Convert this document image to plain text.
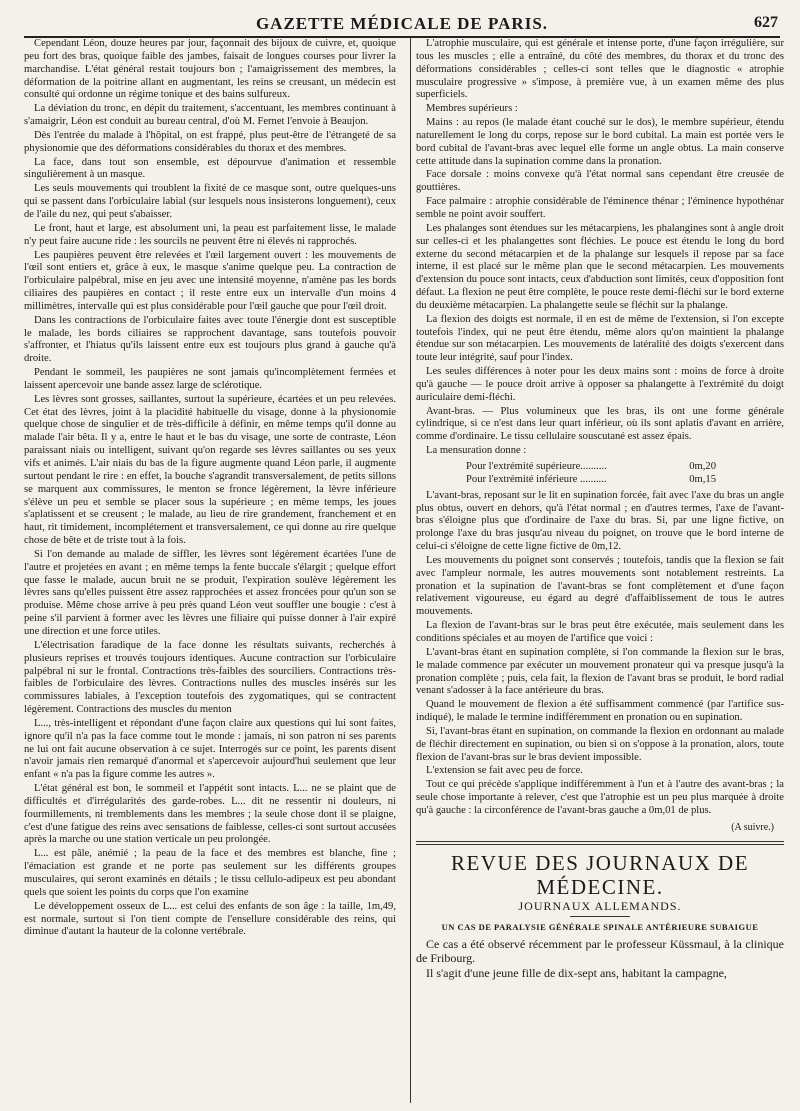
GAZETTE MÉDICALE DE PARIS.	627

Cependant Léon, douze heures par jour, façonnait des bijoux de cuivre, et, quoique peu fort des bras, quoique faible des jambes, faisait de longues courses pour livrer la marchandise. L'état général restait toujours bon ; l'amaigrissement des membres, la déformation de la poitrine allant en augmentant, les reins se creusant, un médecin est consulté qui ordonne un régime tonique et des bains sulfureux.

La déviation du tronc, en dépit du traitement, s'accentuant, les membres continuant à s'amaigrir, Léon est conduit au bureau central, d'où M. Fernet l'envoie à Beaujon.

Dès l'entrée du malade à l'hôpital, on est frappé, plus peut-être de l'étrangeté de sa physionomie que des déformations considérables du thorax et des membres.

La face, dans tout son ensemble, est dépourvue d'animation et ressemble singulièrement à un masque.

Les seuls mouvements qui troublent la fixité de ce masque sont, outre quelques-uns qui se passent dans l'orbiculaire labial (sur lesquels nous insisterons longuement), ceux de l'aile du nez, qui peut s'abaisser.

Le front, haut et large, est absolument uni, la peau est parfaitement lisse, le malade n'y peut faire aucune ride : les sourcils ne peuvent être ni élevés ni rapprochés.

Les paupières peuvent être relevées et l'œil largement ouvert : les mouvements de l'œil sont entiers et, grâce à eux, le masque s'anime quelque peu. La contraction de l'orbiculaire palpébral, mise en jeu avec une intensité moyenne, n'amène pas les bords ciliaires des paupières en contact ; il reste entre eux un intervalle d'un moins 4 millimètres, intervalle qui est plus considérable pour l'œil gauche que pour l'œil droit.

Dans les contractions de l'orbiculaire faites avec toute l'énergie dont est susceptible le malade, les bords ciliaires se rapprochent davantage, sans toutefois pouvoir s'affronter, et l'hiatus qu'ils laissent entre eux est toujours plus grand à gauche qu'à droite.

Pendant le sommeil, les paupières ne sont jamais qu'incomplètement fermées et laissent apercevoir une bande assez large de sclérotique.

Les lèvres sont grosses, saillantes, surtout la supérieure, écartées et un peu relevées. Cet état des lèvres, joint à la placidité habituelle du visage, donne à la physionomie quelque chose de singulier et de très-difficile à définir, en même temps qu'il donne au malade l'air bêta. Il y a, entre le haut et le bas du visage, une sorte de contraste, Léon paraissant niais ou intelligent, suivant qu'on regarde ses lèvres saillantes ou ses yeux vifs et animés. L'air niais du bas de la figure augmente quand Léon parle, il augmente surtout pendant le rire : en effet, la bouche s'agrandit transversalement, de petits sillons se marquent aux commissures, le menton se fronce légèrement, la lèvre inférieure s'élève un peu et semble se placer sous la supérieure ; en même temps, les joues s'aplatissent et se creusent ; le malade, au lieu de rire grandement, franchement et en haut, rit timidement, incomplétement et transversalement, ce qui donne au rire quelque chose de bête et de triste tout à la fois.

Si l'on demande au malade de siffler, les lèvres sont légèrement écartées l'une de l'autre et projetées en avant ; en même temps la fente buccale s'élargit ; quelque effort que fasse le malade, aucun bruit ne se produit, l'expiration soulève légèrement les lèvres sans qu'elles puissent être assez rapprochées et assez froncées pour qu'un son se produise. Même chose arrive à peu près quand Léon veut souffler une bougie : c'est à peine s'il parvient à former avec les lèvres une filiaire qui puisse donner à l'air expiré une direction et une force utiles.

L'électrisation faradique de la face donne les résultats suivants, recherchés à plusieurs reprises et trouvés toujours identiques. Aucune contraction sur l'orbiculaire palpébral ni sur le frontal. Contractions très-faibles des sourciliers. Contractions très-faibles de l'orbiculaire des lèvres. Contractions nulles des muscles insérés sur les commissures labiales, à l'exception toutefois des zygomatiques, qui se contractent légèrement. Contractions des muscles du menton

L..., très-intelligent et répondant d'une façon claire aux questions qui lui sont faites, ignore qu'il n'a pas la face comme tout le monde : jamais, ni son patron ni ses parents ne lui ont fait aucune observation à ce sujet. Interrogés sur ce point, les parents disent n'avoir jamais rien remarqué d'anormal et s'apercevoir aujourd'hui seulement que leur enfant « n'a pas la figure comme les autres ».

L'état général est bon, le sommeil et l'appétit sont intacts. L... ne se plaint que de difficultés et d'irrégularités des garde-robes. L... dit ne ressentir ni douleurs, ni fourmillements, ni tremblements dans les membres ; la seule chose dont il se plaigne, c'est d'une fatigue des reins avec sensations de faiblesse, celles-ci sont surtout accusées après la marche ou une station verticale un peu prolongée.

L... est pâle, anémié ; la peau de la face et des membres est blanche, fine ; l'émaciation est grande et ne porte pas seulement sur les différents groupes musculaires, qui seront examinés en détails ; le tissu cellulo-adipeux est peu abondant quels que soient les points du corps que l'on examine

Le développement osseux de L... est celui des enfants de son âge : la taille, 1m,49, est normale, surtout si l'on tient compte de l'ensellure considérable des reins, qui diminue d'autant la hauteur de la colonne vertébrale.

L'atrophie musculaire, qui est générale et intense porte, d'une façon irrégulière, sur tous les muscles ; elle a entraîné, du côté des membres, du thorax et du tronc des déformations considérables ; celles-ci sont telles que le diagnostic « atrophie musculaire progressive » s'impose, à première vue, à un examen même des plus superficiels.

Membres supérieurs :

Mains : au repos (le malade étant couché sur le dos), le membre supérieur, étendu naturellement le long du corps, repose sur le bord cubital. La main est portée vers le bord cubital de l'avant-bras avec lequel elle forme un angle obtus. La main conserve cette attitude dans la supination comme dans la pronation.

Face dorsale : moins convexe qu'à l'état normal sans cependant être creusée de gouttières.

Face palmaire : atrophie considérable de l'éminence thénar ; l'éminence hypothénar semble ne point avoir souffert.

Les phalanges sont étendues sur les métacarpiens, les phalangines sont à angle droit sur celles-ci et les phalangettes sont fléchies. Le pouce est étendu le long du bord externe du second métacarpien et de la phalange sur lesquels il repose par sa face interne, il est placé sur le même plan que le second métacarpien. Les mouvements d'extension du pouce sont intacts, ceux d'abduction sont limités, ceux d'opposition font défaut. La flexion ne peut être complète, le pouce reste demi-fléchi sur le bord externe du deuxième métacarpien. La phalangette seule se fléchit sur la phalange.

La flexion des doigts est normale, il en est de même de l'extension, si l'on excepte toutefois l'index, qui ne peut être étendu, même alors qu'on maintient la phalange étendue sur son métacarpien. Les mouvements de latéralité des doigts s'exercent dans toute leur intégrité, sauf pour l'index.

Les seules différences à noter pour les deux mains sont : moins de force à droite qu'à gauche — le pouce droit arrive à opposer sa phalangette à l'extrémité du doigt auriculaire demi-fléchi.

Avant-bras. — Plus volumineux que les bras, ils ont une forme générale cylindrique, si ce n'est dans leur quart inférieur, où ils sont aplatis d'avant en arrière, comme d'ordinaire. Le tissu cellulaire souscutané est assez épais.

La mensuration donne :

Pour l'extrémité supérieure..........	0m,20
Pour l'extrémité inférieure ..........	0m,15

L'avant-bras, reposant sur le lit en supination forcée, fait avec l'axe du bras un angle plus obtus, ouvert en dehors, qu'à l'état normal ; en d'autres termes, l'axe de l'avant-bras s'éloigne plus que d'ordinaire de l'axe du bras. Si, par une ligne fictive, on prolonge l'axe du bras jusqu'au niveau du poignet, on trouve que le bord interne de celui-ci s'éloigne de cette ligne fictive de 0m,12.

Les mouvements du poignet sont conservés ; toutefois, tandis que la flexion se fait avec l'ampleur normale, les autres mouvements sont notablement restreints. La pronation et la supination de l'avant-bras se font complètement et d'une façon relativement vigoureuse, eu égard au degré d'affaiblissement de tous le autres mouvements.

La flexion de l'avant-bras sur le bras peut être exécutée, mais seulement dans les conditions spéciales et au moyen de l'artifice que voici :

L'avant-bras étant en supination complète, si l'on commande la flexion sur le bras, le malade commence par exécuter un mouvement pronateur qui va presque jusqu'à la pronation complète ; puis, cela fait, la flexion de l'avant bras se produit, le bord radial venant s'adosser à la face antérieure du bras.

Quand le mouvement de flexion a été suffisamment commencé (par l'artifice sus-indiqué), le malade le termine indifféremment en pronation ou en supination.

Si, l'avant-bras étant en supination, on commande la flexion en ordonnant au malade de fléchir directement en supination, ou bien si on s'oppose à la pronation, alors, toute flexion de l'avant-bras sur le bras devient impossible.

L'extension se fait avec peu de force.

Tout ce qui précède s'applique indifféremment à l'un et à l'autre des avant-bras ; la seule chose importante à relever, c'est que l'atrophie est un peu plus marquée à droite qu'à gauche : la circonférence de l'avant-bras gauche a 0m,01 de plus.

(A suivre.)
REVUE DES JOURNAUX DE MÉDECINE.
JOURNAUX ALLEMANDS.
UN CAS DE PARALYSIE GÉNÉRALE SPINALE ANTÉRIEURE SUBAIGUE

Ce cas a été observé récemment par le professeur Küssmaul, à la clinique de Fribourg.

Il s'agit d'une jeune fille de dix-sept ans, habitant la campagne,
